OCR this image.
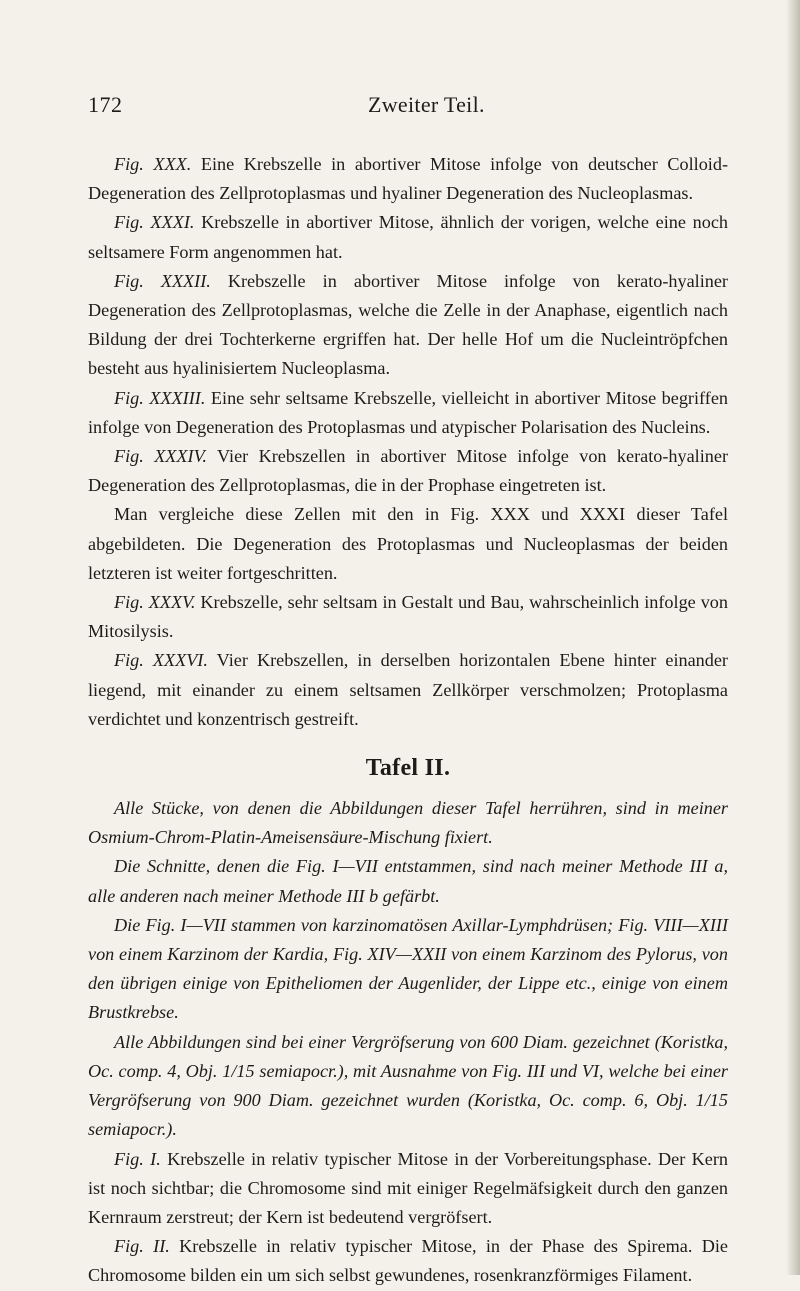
172	Zweiter Teil.

Fig. XXX. Eine Krebszelle in abortiver Mitose infolge von deutscher Colloid-Degeneration des Zellprotoplasmas und hyaliner Degeneration des Nucleoplasmas.

Fig. XXXI. Krebszelle in abortiver Mitose, ähnlich der vorigen, welche eine noch seltsamere Form angenommen hat.

Fig. XXXII. Krebszelle in abortiver Mitose infolge von kerato-hyaliner Degeneration des Zellprotoplasmas, welche die Zelle in der Anaphase, eigentlich nach Bildung der drei Tochterkerne ergriffen hat. Der helle Hof um die Nucleintröpfchen besteht aus hyalinisiertem Nucleoplasma.

Fig. XXXIII. Eine sehr seltsame Krebszelle, vielleicht in abortiver Mitose begriffen infolge von Degeneration des Protoplasmas und atypischer Polarisation des Nucleins.

Fig. XXXIV. Vier Krebszellen in abortiver Mitose infolge von kerato-hyaliner Degeneration des Zellprotoplasmas, die in der Prophase eingetreten ist.

Man vergleiche diese Zellen mit den in Fig. XXX und XXXI dieser Tafel abgebildeten. Die Degeneration des Protoplasmas und Nucleoplasmas der beiden letzteren ist weiter fortgeschritten.

Fig. XXXV. Krebszelle, sehr seltsam in Gestalt und Bau, wahrscheinlich infolge von Mitosilysis.

Fig. XXXVI. Vier Krebszellen, in derselben horizontalen Ebene hinter einander liegend, mit einander zu einem seltsamen Zellkörper verschmolzen; Protoplasma verdichtet und konzentrisch gestreift.

Tafel II.

Alle Stücke, von denen die Abbildungen dieser Tafel herrühren, sind in meiner Osmium-Chrom-Platin-Ameisensäure-Mischung fixiert.

Die Schnitte, denen die Fig. I—VII entstammen, sind nach meiner Methode III a, alle anderen nach meiner Methode III b gefärbt.

Die Fig. I—VII stammen von karzinomatösen Axillar-Lymphdrüsen; Fig. VIII—XIII von einem Karzinom der Kardia, Fig. XIV—XXII von einem Karzinom des Pylorus, von den übrigen einige von Epitheliomen der Augenlider, der Lippe etc., einige von einem Brustkrebse.

Alle Abbildungen sind bei einer Vergröfserung von 600 Diam. gezeichnet (Koristka, Oc. comp. 4, Obj. 1/15 semiapocr.), mit Ausnahme von Fig. III und VI, welche bei einer Vergröfserung von 900 Diam. gezeichnet wurden (Koristka, Oc. comp. 6, Obj. 1/15 semiapocr.).

Fig. I. Krebszelle in relativ typischer Mitose in der Vorbereitungsphase. Der Kern ist noch sichtbar; die Chromosome sind mit einiger Regelmäfsigkeit durch den ganzen Kernraum zerstreut; der Kern ist bedeutend vergröfsert.

Fig. II. Krebszelle in relativ typischer Mitose, in der Phase des Spirema. Die Chromosome bilden ein um sich selbst gewundenes, rosenkranzförmiges Filament.
